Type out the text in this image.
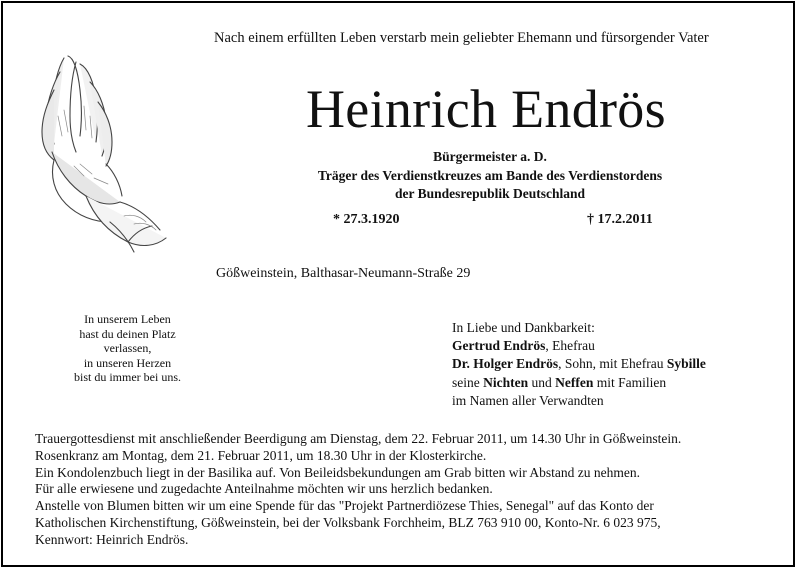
Nach einem erfüllten Leben verstarb mein geliebter Ehemann und fürsorgender Vater
Heinrich Endrös
Bürgermeister a. D.
Träger des Verdienstkreuzes am Bande des Verdienstordens
der Bundesrepublik Deutschland
* 27.3.1920	† 17.2.2011
Gößweinstein, Balthasar-Neumann-Straße 29
In unserem Leben
hast du deinen Platz
verlassen,
in unseren Herzen
bist du immer bei uns.
In Liebe und Dankbarkeit:
Gertrud Endrös, Ehefrau
Dr. Holger Endrös, Sohn, mit Ehefrau Sybille
seine Nichten und Neffen mit Familien
im Namen aller Verwandten
Trauergottesdienst mit anschließender Beerdigung am Dienstag, dem 22. Februar 2011, um 14.30 Uhr in Gößweinstein.
Rosenkranz am Montag, dem 21. Februar 2011, um 18.30 Uhr in der Klosterkirche.
Ein Kondolenzbuch liegt in der Basilika auf. Von Beileidsbekundungen am Grab bitten wir Abstand zu nehmen.
Für alle erwiesene und zugedachte Anteilnahme möchten wir uns herzlich bedanken.
Anstelle von Blumen bitten wir um eine Spende für das "Projekt Partnerdiözese Thies, Senegal" auf das Konto der
Katholischen Kirchenstiftung, Gößweinstein, bei der Volksbank Forchheim, BLZ 763 910 00, Konto-Nr. 6 023 975,
Kennwort: Heinrich Endrös.
